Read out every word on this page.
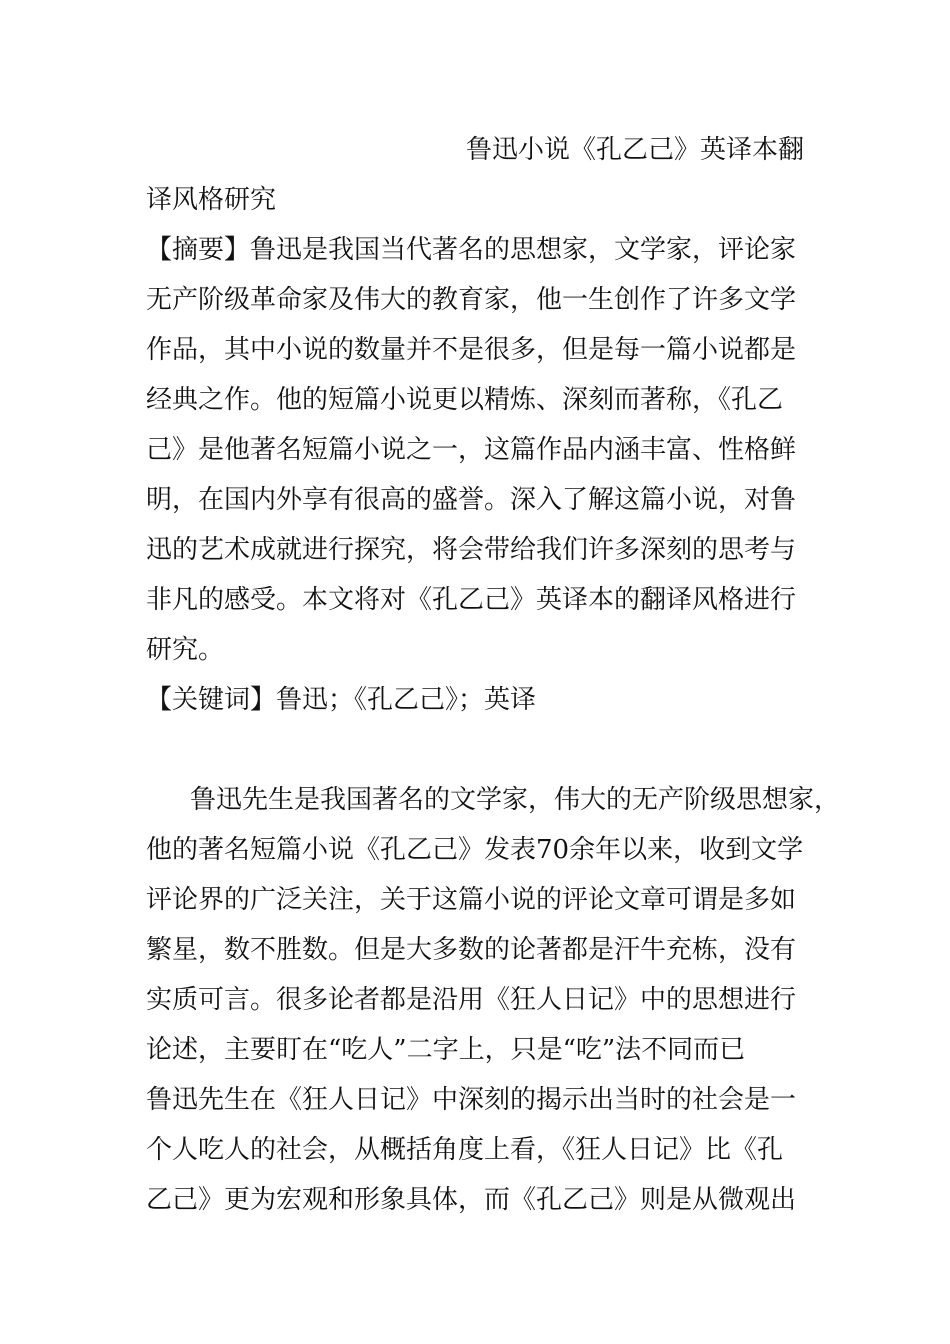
鲁迅小说《孔乙己》英译本翻
译风格研究
【摘要】鲁迅是我国当代著名的思想家，文学家，评论家
无产阶级革命家及伟大的教育家，他一生创作了许多文学
作品，其中小说的数量并不是很多，但是每一篇小说都是
经典之作。他的短篇小说更以精炼、深刻而著称，《孔乙
己》是他著名短篇小说之一，这篇作品内涵丰富、性格鲜
明，在国内外享有很高的盛誉。深入了解这篇小说，对鲁
迅的艺术成就进行探究，将会带给我们许多深刻的思考与
非凡的感受。本文将对《孔乙己》英译本的翻译风格进行
研究。
【关键词】鲁迅；《孔乙己》；英译
鲁迅先生是我国著名的文学家，伟大的无产阶级思想家，
他的著名短篇小说《孔乙己》发表70余年以来，收到文学
评论界的广泛关注，关于这篇小说的评论文章可谓是多如
繁星，数不胜数。但是大多数的论著都是汗牛充栋，没有
实质可言。很多论者都是沿用《狂人日记》中的思想进行
论述，主要盯在“吃人”二字上，只是“吃”法不同而已
鲁迅先生在《狂人日记》中深刻的揭示出当时的社会是一
个人吃人的社会，从概括角度上看，《狂人日记》比《孔
乙己》更为宏观和形象具体，而《孔乙己》则是从微观出
